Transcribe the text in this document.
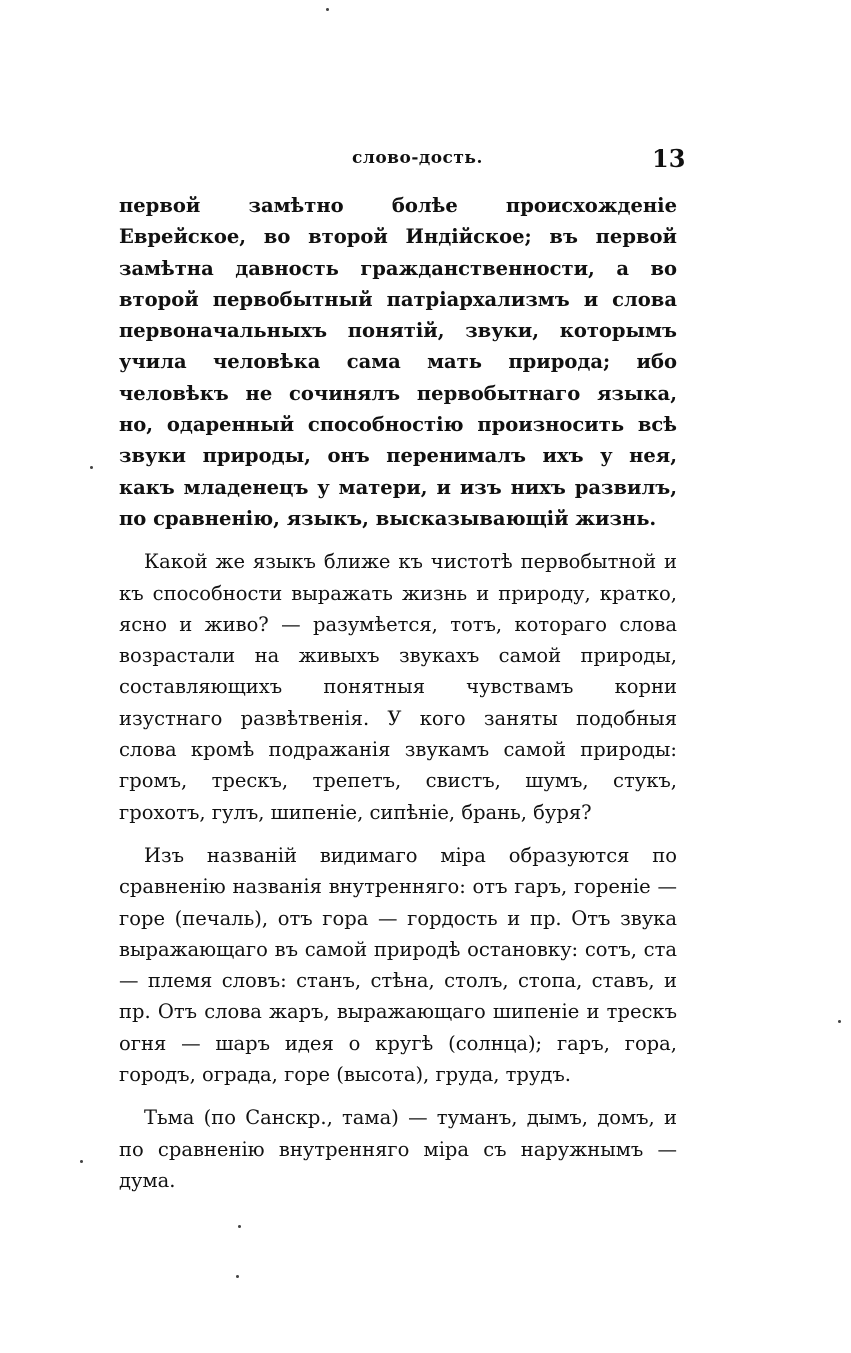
слово-дость.	13

первой замѣтно болѣе происхожденіе Еврейское, во второй Индійское; въ первой замѣтна давность гражданственности, а во второй первобытный патріархализмъ и слова первоначальныхъ понятій, звуки, которымъ учила человѣка сама мать природа; ибо человѣкъ не сочинялъ первобытнаго языка, но, одаренный способностію произносить всѣ звуки природы, онъ перенималъ ихъ у нея, какъ младенецъ у матери, и изъ нихъ развилъ, по сравненію, языкъ, высказывающій жизнь.

Какой же языкъ ближе къ чистотѣ первобытной и къ способности выражать жизнь и природу, кратко, ясно и живо? — разумѣется, тотъ, котораго слова возрастали на живыхъ звукахъ самой природы, составляющихъ понятныя чувствамъ корни изустнаго развѣтвенія. У кого заняты подобныя слова кромѣ подражанія звукамъ самой природы: громъ, трескъ, трепетъ, свистъ, шумъ, стукъ, грохотъ, гулъ, шипеніе, сипѣніе, брань, буря?

Изъ названій видимаго міра образуются по сравненію названія внутренняго: отъ гаръ, гореніе — горе (печаль), отъ гора — гордость и пр. Отъ звука выражающаго въ самой природѣ остановку: сотъ, ста — племя словъ: станъ, стѣна, столъ, стопа, ставъ, и пр. Отъ слова жаръ, выражающаго шипеніе и трескъ огня — шаръ идея о кругѣ (солнца); гаръ, гора, городъ, ограда, горе (высота), груда, трудъ.

Тьма (по Санскр., тама) — туманъ, дымъ, домъ, и по сравненію внутренняго міра съ наружнымъ — дума.
